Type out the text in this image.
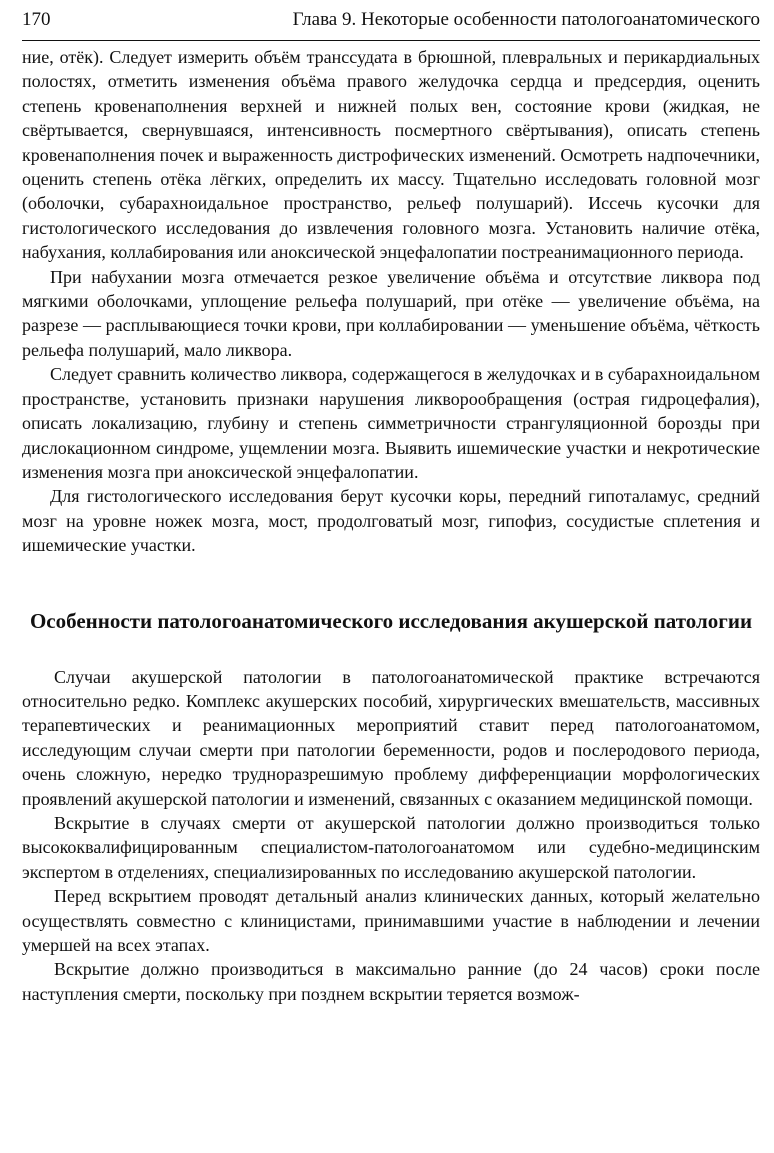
170	Глава 9. Некоторые особенности патологоанатомического

ние, отёк). Следует измерить объём транссудата в брюшной, плевральных и перикардиальных полостях, отметить изменения объёма правого желудочка сердца и предсердия, оценить степень кровенаполнения верхней и нижней полых вен, состояние крови (жидкая, не свёртывается, свернувшаяся, интенсивность посмертного свёртывания), описать степень кровенаполнения почек и выраженность дистрофических изменений. Осмотреть надпочечники, оценить степень отёка лёгких, определить их массу. Тщательно исследовать головной мозг (оболочки, субарахноидальное пространство, рельеф полушарий). Иссечь кусочки для гистологического исследования до извлечения головного мозга. Установить наличие отёка, набухания, коллабирования или аноксической энцефалопатии постреанимационного периода.

При набухании мозга отмечается резкое увеличение объёма и отсутствие ликвора под мягкими оболочками, уплощение рельефа полушарий, при отёке — увеличение объёма, на разрезе — расплывающиеся точки крови, при коллабировании — уменьшение объёма, чёткость рельефа полушарий, мало ликвора.

Следует сравнить количество ликвора, содержащегося в желудочках и в субарахноидальном пространстве, установить признаки нарушения ликворообращения (острая гидроцефалия), описать локализацию, глубину и степень симметричности странгуляционной борозды при дислокационном синдроме, ущемлении мозга. Выявить ишемические участки и некротические изменения мозга при аноксической энцефалопатии.

Для гистологического исследования берут кусочки коры, передний гипоталамус, средний мозг на уровне ножек мозга, мост, продолговатый мозг, гипофиз, сосудистые сплетения и ишемические участки.

Особенности патологоанатомического исследования акушерской патологии

Случаи акушерской патологии в патологоанатомической практике встречаются относительно редко. Комплекс акушерских пособий, хирургических вмешательств, массивных терапевтических и реанимационных мероприятий ставит перед патологоанатомом, исследующим случаи смерти при патологии беременности, родов и послеродового периода, очень сложную, нередко трудноразрешимую проблему дифференциации морфологических проявлений акушерской патологии и изменений, связанных с оказанием медицинской помощи.

Вскрытие в случаях смерти от акушерской патологии должно производиться только высококвалифицированным специалистом-патологоанатомом или судебно-медицинским экспертом в отделениях, специализированных по исследованию акушерской патологии.

Перед вскрытием проводят детальный анализ клинических данных, который желательно осуществлять совместно с клиницистами, принимавшими участие в наблюдении и лечении умершей на всех этапах.

Вскрытие должно производиться в максимально ранние (до 24 часов) сроки после наступления смерти, поскольку при позднем вскрытии теряется возмож-
